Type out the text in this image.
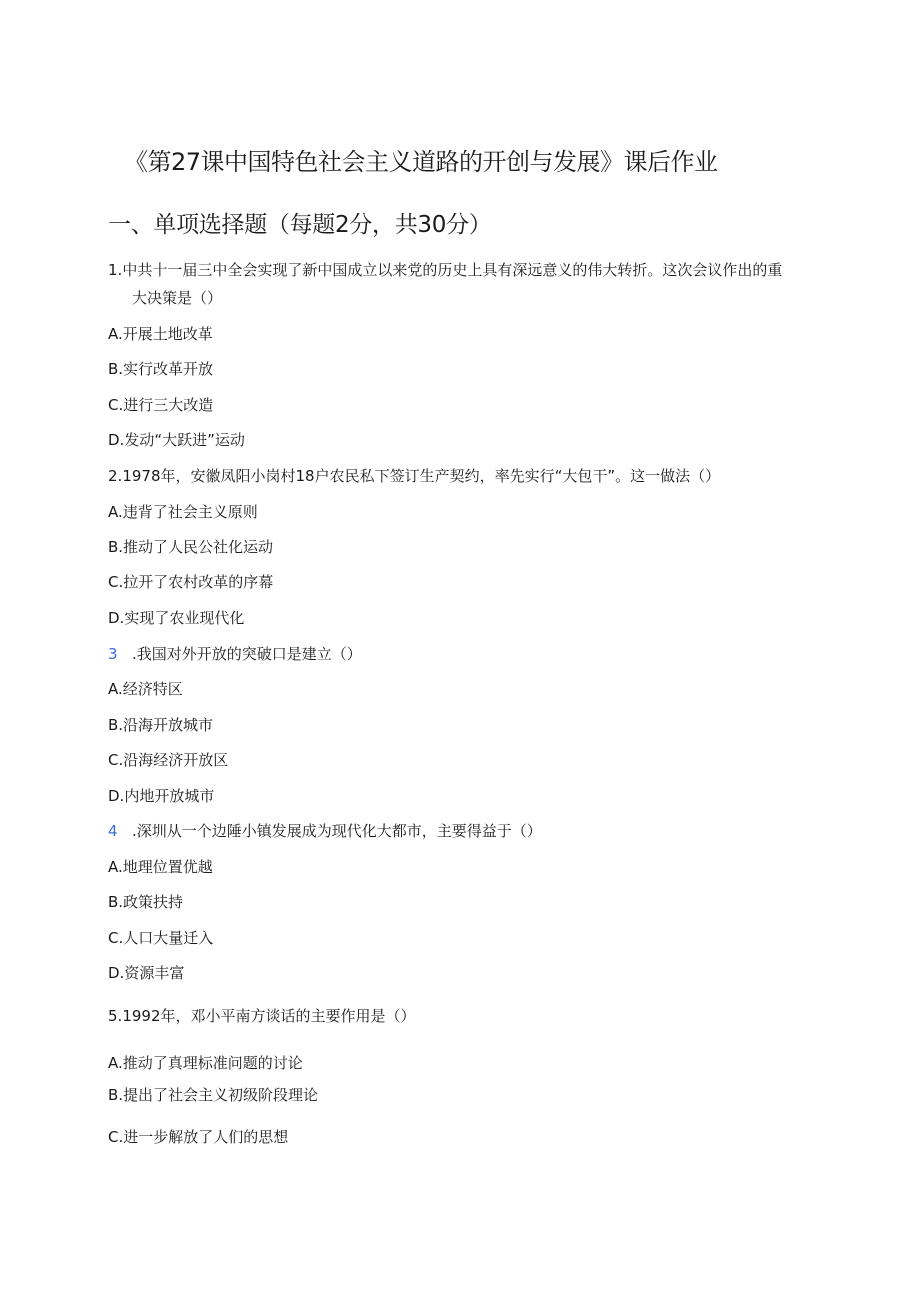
《第27课中国特色社会主义道路的开创与发展》课后作业
一、单项选择题（每题2分，共30分）
1.中共十一届三中全会实现了新中国成立以来党的历史上具有深远意义的伟大转折。这次会议作出的重
大决策是（）
A.开展土地改革
B.实行改革开放
C.进行三大改造
D.发动“大跃进”运动
2.1978年，安徽凤阳小岗村18户农民私下签订生产契约，率先实行“大包干”。这一做法（）
A.违背了社会主义原则
B.推动了人民公社化运动
C.拉开了农村改革的序幕
D.实现了农业现代化
3 .我国对外开放的突破口是建立（）
A.经济特区
B.沿海开放城市
C.沿海经济开放区
D.内地开放城市
4 .深圳从一个边陲小镇发展成为现代化大都市，主要得益于（）
A.地理位置优越
B.政策扶持
C.人口大量迁入
D.资源丰富
5.1992年，邓小平南方谈话的主要作用是（）
A.推动了真理标准问题的讨论
B.提出了社会主义初级阶段理论
C.进一步解放了人们的思想
